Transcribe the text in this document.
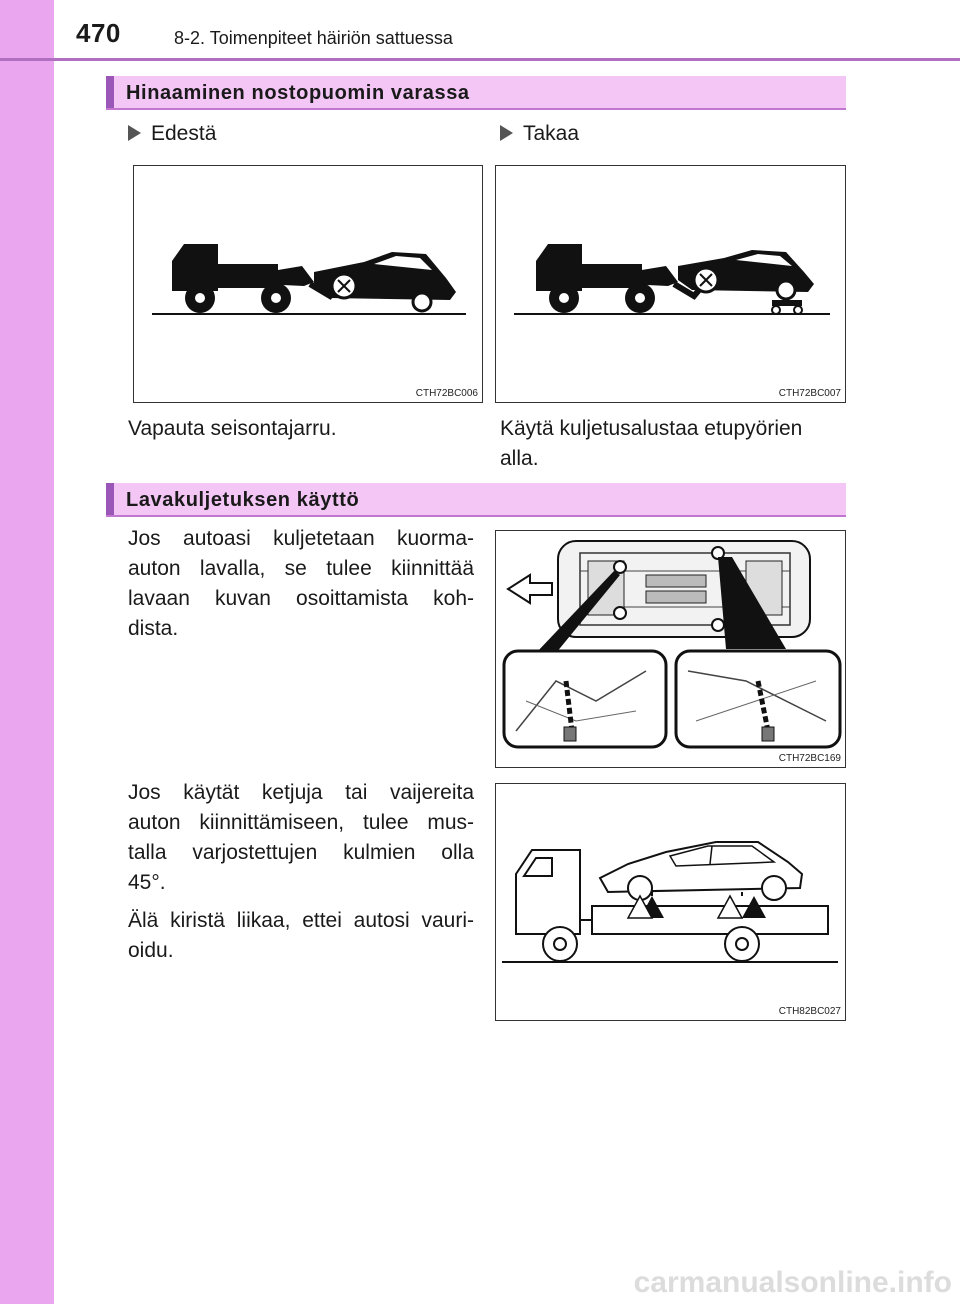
470	8-2. Toimenpiteet häiriön sattuessa
Hinaaminen nostopuomin varassa
Edestä	Takaa
CTH72BC006	CTH72BC007
Vapauta seisontajarru.	Käytä kuljetusalustaa etupyörien
alla.
Lavakuljetuksen käyttö
Jos autoasi kuljetetaan kuorma-
auton lavalla, se tulee kiinnittää
lavaan kuvan osoittamista koh-
dista.
CTH72BC169
Jos käytät ketjuja tai vaijereita
auton kiinnittämiseen, tulee mus-
talla varjostettujen kulmien olla
45°.
Älä kiristä liikaa, ettei autosi vauri-
oidu.
CTH82BC027
carmanualsonline.info
